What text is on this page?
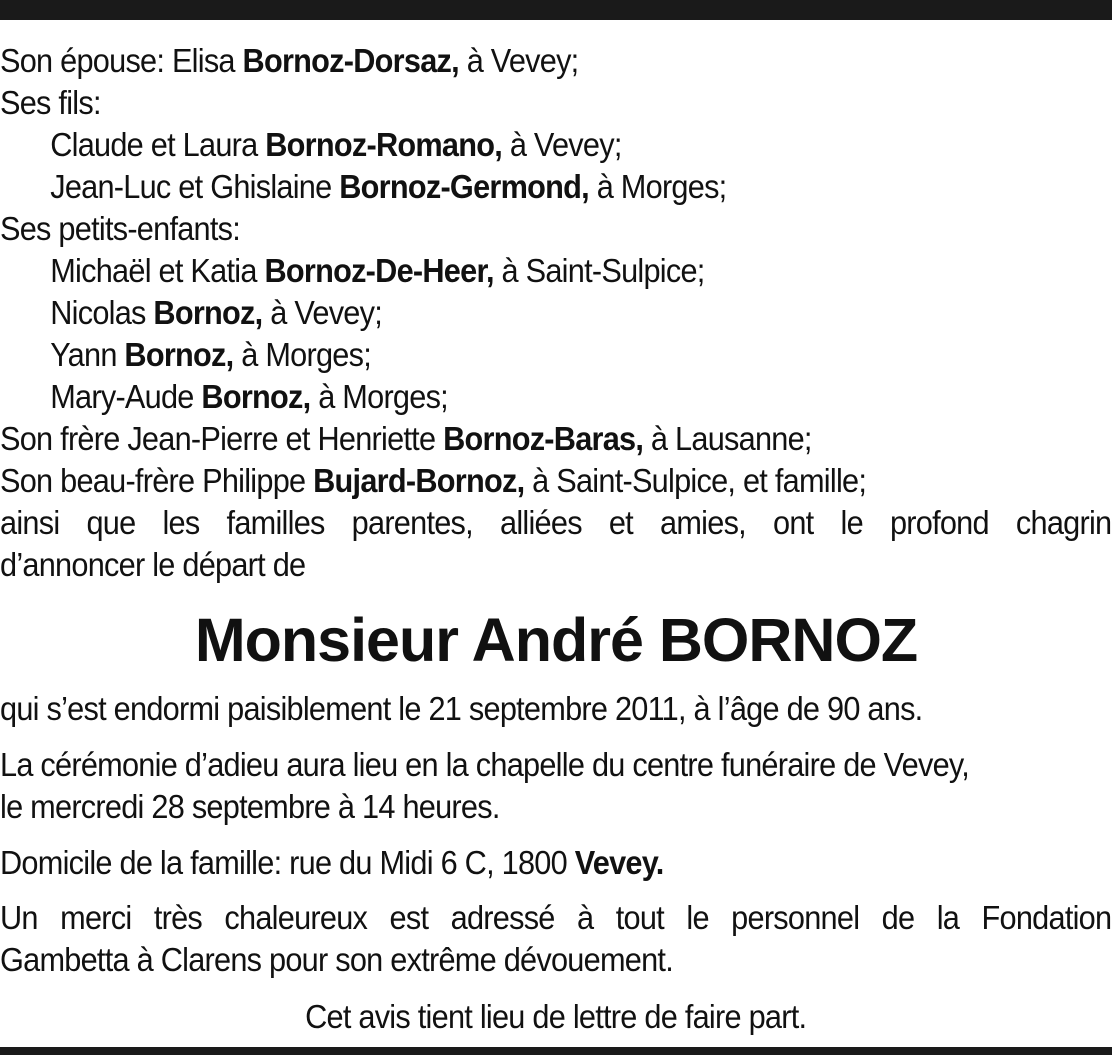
Son épouse: Elisa Bornoz-Dorsaz, à Vevey;
Ses fils:
Claude et Laura Bornoz-Romano, à Vevey;
Jean-Luc et Ghislaine Bornoz-Germond, à Morges;
Ses petits-enfants:
Michaël et Katia Bornoz-De-Heer, à Saint-Sulpice;
Nicolas Bornoz, à Vevey;
Yann Bornoz, à Morges;
Mary-Aude Bornoz, à Morges;
Son frère Jean-Pierre et Henriette Bornoz-Baras, à Lausanne;
Son beau-frère Philippe Bujard-Bornoz, à Saint-Sulpice, et famille;
ainsi que les familles parentes, alliées et amies, ont le profond chagrin
d’annoncer le départ de
Monsieur André BORNOZ
qui s’est endormi paisiblement le 21 septembre 2011, à l’âge de 90 ans.
La cérémonie d’adieu aura lieu en la chapelle du centre funéraire de Vevey,
le mercredi 28 septembre à 14 heures.
Domicile de la famille: rue du Midi 6 C, 1800 Vevey.
Un merci très chaleureux est adressé à tout le personnel de la Fondation
Gambetta à Clarens pour son extrême dévouement.
Cet avis tient lieu de lettre de faire part.
